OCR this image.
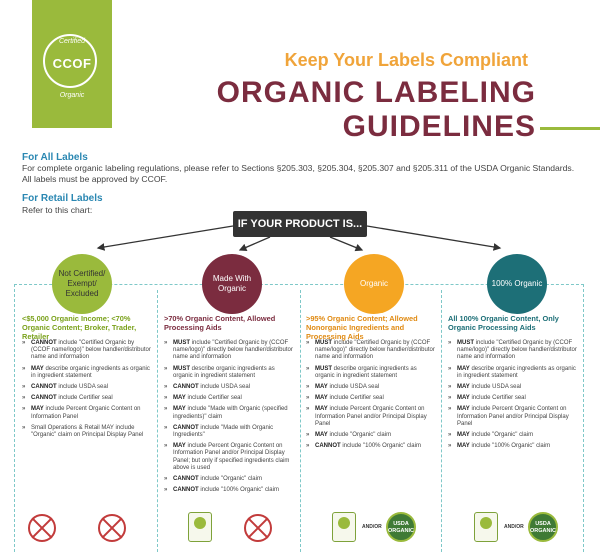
Certified
CCOF
Organic
Keep Your Labels Compliant
ORGANIC LABELING
GUIDELINES
For All Labels
For complete organic labeling regulations, please refer to Sections §205.303, §205.304, §205.307 and §205.311 of the USDA Organic Standards. All labels must be approved by CCOF.
For Retail Labels
Refer to this chart:
IF YOUR PRODUCT IS...
Not Certified/ Exempt/ Excluded
Made With Organic
Organic	100% Organic
<$5,000 Organic Income; <70% Organic Content; Broker, Trader, Retailer
» CANNOT include "Certified Organic by (CCOF name/logo)" below handler/distributor name and information
» MAY describe organic ingredients as organic in ingredient statement
» CANNOT include USDA seal
» CANNOT include Certifier seal
» MAY include Percent Organic Content on Information Panel
» Small Operations & Retail MAY include "Organic" claim on Principal Display Panel
>70% Organic Content, Allowed Processing Aids
» MUST include "Certified Organic by (CCOF name/logo)" directly below handler/distributor name and information
» MUST describe organic ingredients as organic in ingredient statement
» CANNOT include USDA seal
» MAY include Certifier seal
» MAY include "Made with Organic (specified ingredients)" claim
» CANNOT include "Made with Organic Ingredients"
» MAY include Percent Organic Content on Information Panel and/or Principal Display Panel; but only if specified ingredients claim above is used
» CANNOT include "Organic" claim
» CANNOT include "100% Organic" claim
>95% Organic Content; Allowed Nonorganic Ingredients and Processing Aids
» MUST include "Certified Organic by (CCOF name/logo)" directly below handler/distributor name and information
» MUST describe organic ingredients as organic in ingredient statement
» MAY include USDA seal
» MAY include Certifier seal
» MAY include Percent Organic Content on Information Panel and/or Principal Display Panel
» MAY include "Organic" claim
» CANNOT include "100% Organic" claim
AND/OR	USDA ORGANIC
All 100% Organic Content, Only Organic Processing Aids
» MUST include "Certified Organic by (CCOF name/logo)" directly below handler/distributor name and information
» MAY describe organic ingredients as organic in ingredient statement
» MAY include USDA seal
» MAY include Certifier seal
» MAY include Percent Organic Content on Information Panel and/or Principal Display Panel
» MAY include "Organic" claim
» MAY include "100% Organic" claim
AND/OR	USDA ORGANIC
